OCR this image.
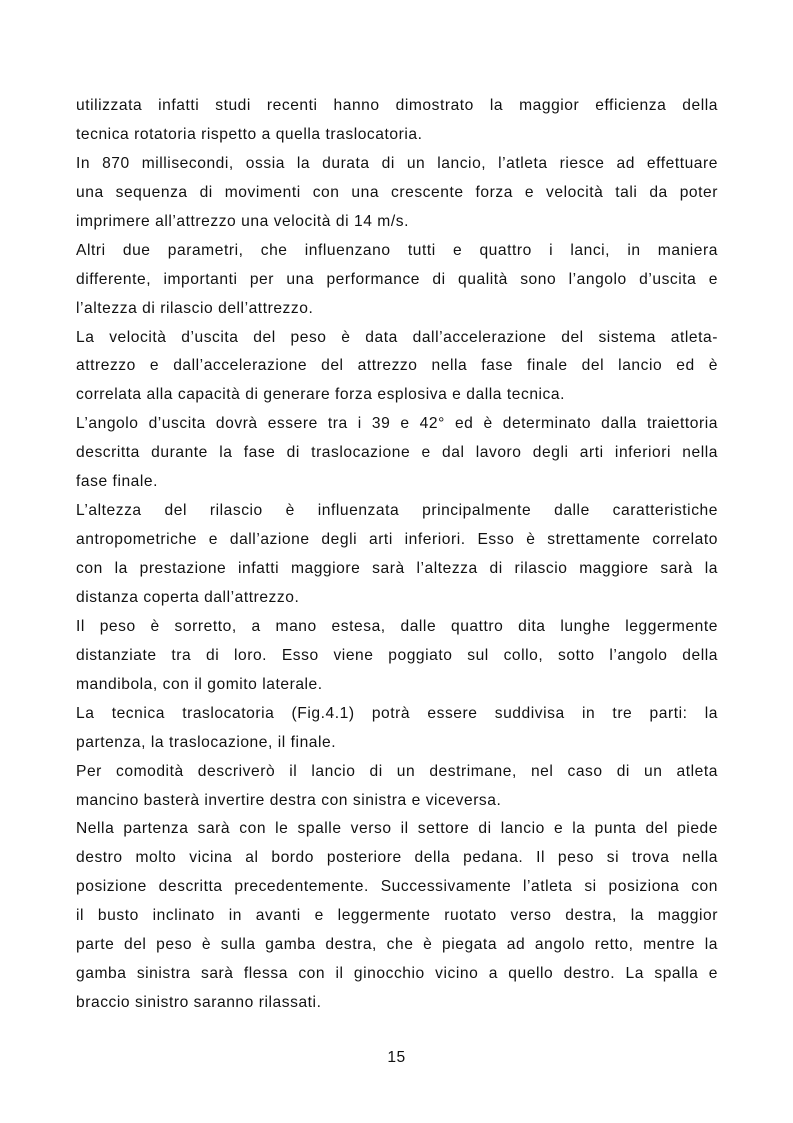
utilizzata infatti studi recenti hanno dimostrato la maggior efficienza della
tecnica rotatoria rispetto a quella traslocatoria.
In 870 millisecondi, ossia la durata di un lancio, l’atleta riesce ad effettuare
una sequenza di movimenti con una crescente forza e velocità tali da poter
imprimere all’attrezzo una velocità di 14 m/s.
Altri due parametri, che influenzano tutti e quattro i lanci, in maniera
differente, importanti per una performance di qualità sono l’angolo d’uscita e
l’altezza di rilascio dell’attrezzo.
La velocità d’uscita del peso è data dall’accelerazione del sistema atleta-
attrezzo e dall’accelerazione del attrezzo nella fase finale del lancio ed è
correlata alla capacità di generare forza esplosiva e dalla tecnica.
L’angolo d’uscita dovrà essere tra i 39 e 42° ed è determinato dalla traiettoria
descritta durante la fase di traslocazione e dal lavoro degli arti inferiori nella
fase finale.
L’altezza del rilascio è influenzata principalmente dalle caratteristiche
antropometriche e dall’azione degli arti inferiori. Esso è strettamente correlato
con la prestazione infatti maggiore sarà l’altezza di rilascio maggiore sarà la
distanza coperta dall’attrezzo.
Il peso è sorretto, a mano estesa, dalle quattro dita lunghe leggermente
distanziate tra di loro. Esso viene poggiato sul collo, sotto l’angolo della
mandibola, con il gomito laterale.
La tecnica traslocatoria (Fig.4.1) potrà essere suddivisa in tre parti: la
partenza, la traslocazione, il finale.
Per comodità descriverò il lancio di un destrimane, nel caso di un atleta
mancino basterà invertire destra con sinistra e viceversa.
Nella partenza sarà con le spalle verso il settore di lancio e la punta del piede
destro molto vicina al bordo posteriore della pedana. Il peso si trova nella
posizione descritta precedentemente. Successivamente l’atleta si posiziona con
il busto inclinato in avanti e leggermente ruotato verso destra, la maggior
parte del peso è sulla gamba destra, che è piegata ad angolo retto, mentre la
gamba sinistra sarà flessa con il ginocchio vicino a quello destro. La spalla e
braccio sinistro saranno rilassati.
15
